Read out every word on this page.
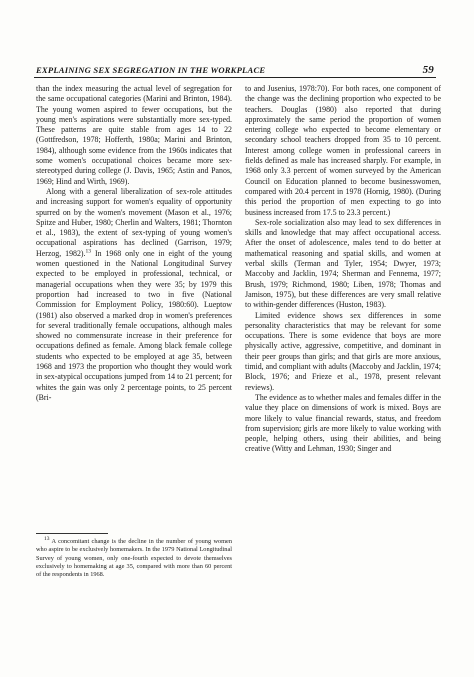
EXPLAINING SEX SEGREGATION IN THE WORKPLACE	59

than the index measuring the actual level of segregation for the same occupational categories (Marini and Brinton, 1984). The young women aspired to fewer occupations, but the young men's aspirations were substantially more sex-typed. These patterns are quite stable from ages 14 to 22 (Gottfredson, 1978; Hofferth, 1980a; Marini and Brinton, 1984), although some evidence from the 1960s indicates that some women's occupational choices became more sex-stereotyped during college (J. Davis, 1965; Astin and Panos, 1969; Hind and Wirth, 1969).

Along with a general liberalization of sex-role attitudes and increasing support for women's equality of opportunity spurred on by the women's movement (Mason et al., 1976; Spitze and Huber, 1980; Cherlin and Walters, 1981; Thornton et al., 1983), the extent of sex-typing of young women's occupational aspirations has declined (Garrison, 1979; Herzog, 1982).$^{13}$ In 1968 only one in eight of the young women questioned in the National Longitudinal Survey expected to be employed in professional, technical, or managerial occupations when they were 35; by 1979 this proportion had increased to two in five (National Commission for Employment Policy, 1980:60). Lueptow (1981) also observed a marked drop in women's preferences for several traditionally female occupations, although males showed no commensurate increase in their preference for occupations defined as female. Among black female college students who expected to be employed at age 35, between 1968 and 1973 the proportion who thought they would work in sex-atypical occupations jumped from 14 to 21 percent; for whites the gain was only 2 percentage points, to 25 percent (Bri-

to and Jusenius, 1978:70). For both races, one component of the change was the declining proportion who expected to be teachers. Douglas (1980) also reported that during approximately the same period the proportion of women entering college who expected to become elementary or secondary school teachers dropped from 35 to 10 percent. Interest among college women in professional careers in fields defined as male has increased sharply. For example, in 1968 only 3.3 percent of women surveyed by the American Council on Education planned to become businesswomen, compared with 20.4 percent in 1978 (Hornig, 1980). (During this period the proportion of men expecting to go into business increased from 17.5 to 23.3 percent.)

Sex-role socialization also may lead to sex differences in skills and knowledge that may affect occupational access. After the onset of adolescence, males tend to do better at mathematical reasoning and spatial skills, and women at verbal skills (Terman and Tyler, 1954; Dwyer, 1973; Maccoby and Jacklin, 1974; Sherman and Fennema, 1977; Brush, 1979; Richmond, 1980; Liben, 1978; Thomas and Jamison, 1975), but these differences are very small relative to within-gender differences (Huston, 1983).

Limited evidence shows sex differences in some personality characteristics that may be relevant for some occupations. There is some evidence that boys are more physically active, aggressive, competitive, and dominant in their peer groups than girls; and that girls are more anxious, timid, and compliant with adults (Maccoby and Jacklin, 1974; Block, 1976; and Frieze et al., 1978, present relevant reviews).

The evidence as to whether males and females differ in the value they place on dimensions of work is mixed. Boys are more likely to value financial rewards, status, and freedom from supervision; girls are more likely to value working with people, helping others, using their abilities, and being creative (Witty and Lehman, 1930; Singer and

$^{13}$ A concomitant change is the decline in the number of young women who aspire to be exclusively homemakers. In the 1979 National Longitudinal Survey of young women, only one-fourth expected to devote themselves exclusively to homemaking at age 35, compared with more than 60 percent of the respondents in 1968.
